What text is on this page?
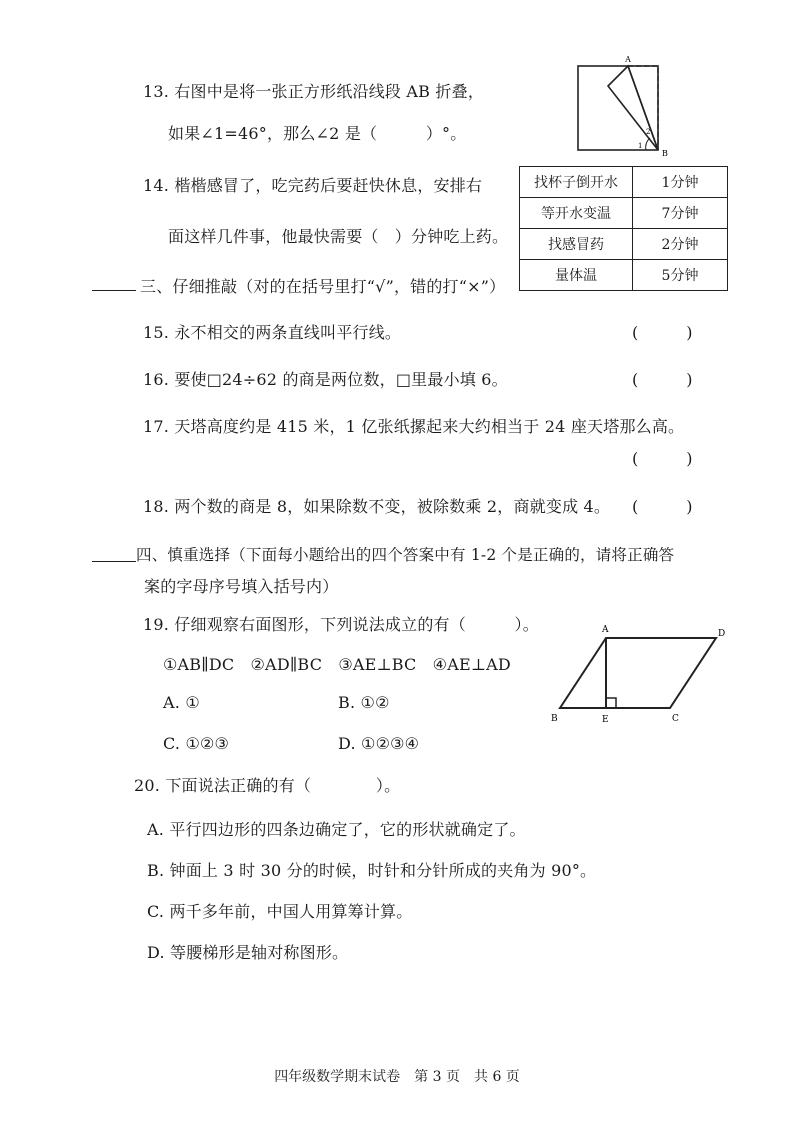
13. 右图中是将一张正方形纸沿线段 AB 折叠，
如果∠1=46°，那么∠2 是（　　　）°。
A
B
1
2
14. 楷楷感冒了，吃完药后要赶快休息，安排右
面这样几件事，他最快需要（　）分钟吃上药。
找杯子倒开水	1分钟
等开水变温	7分钟
找感冒药	2分钟
量体温	5分钟
三、仔细推敲（对的在括号里打“√”，错的打“×”）
15. 永不相交的两条直线叫平行线。	(　　　)
16. 要使□24÷62 的商是两位数，□里最小填 6。	(　　　)
17. 天塔高度约是 415 米，1 亿张纸摞起来大约相当于 24 座天塔那么高。
(　　　)
18. 两个数的商是 8，如果除数不变，被除数乘 2，商就变成 4。 (　　　)
四、慎重选择（下面每小题给出的四个答案中有 1-2 个是正确的，请将正确答
案的字母序号填入括号内）
19. 仔细观察右面图形，下列说法成立的有（　　　）。
①AB∥DC　②AD∥BC　③AE⊥BC　④AE⊥AD
A. ①	B. ①②
C. ①②③	D. ①②③④
A	D
B	E	C
20. 下面说法正确的有（　　　　）。
A. 平行四边形的四条边确定了，它的形状就确定了。
B. 钟面上 3 时 30 分的时候，时针和分针所成的夹角为 90°。
C. 两千多年前，中国人用算筹计算。
D. 等腰梯形是轴对称图形。
四年级数学期末试卷　第 3 页　共 6 页
